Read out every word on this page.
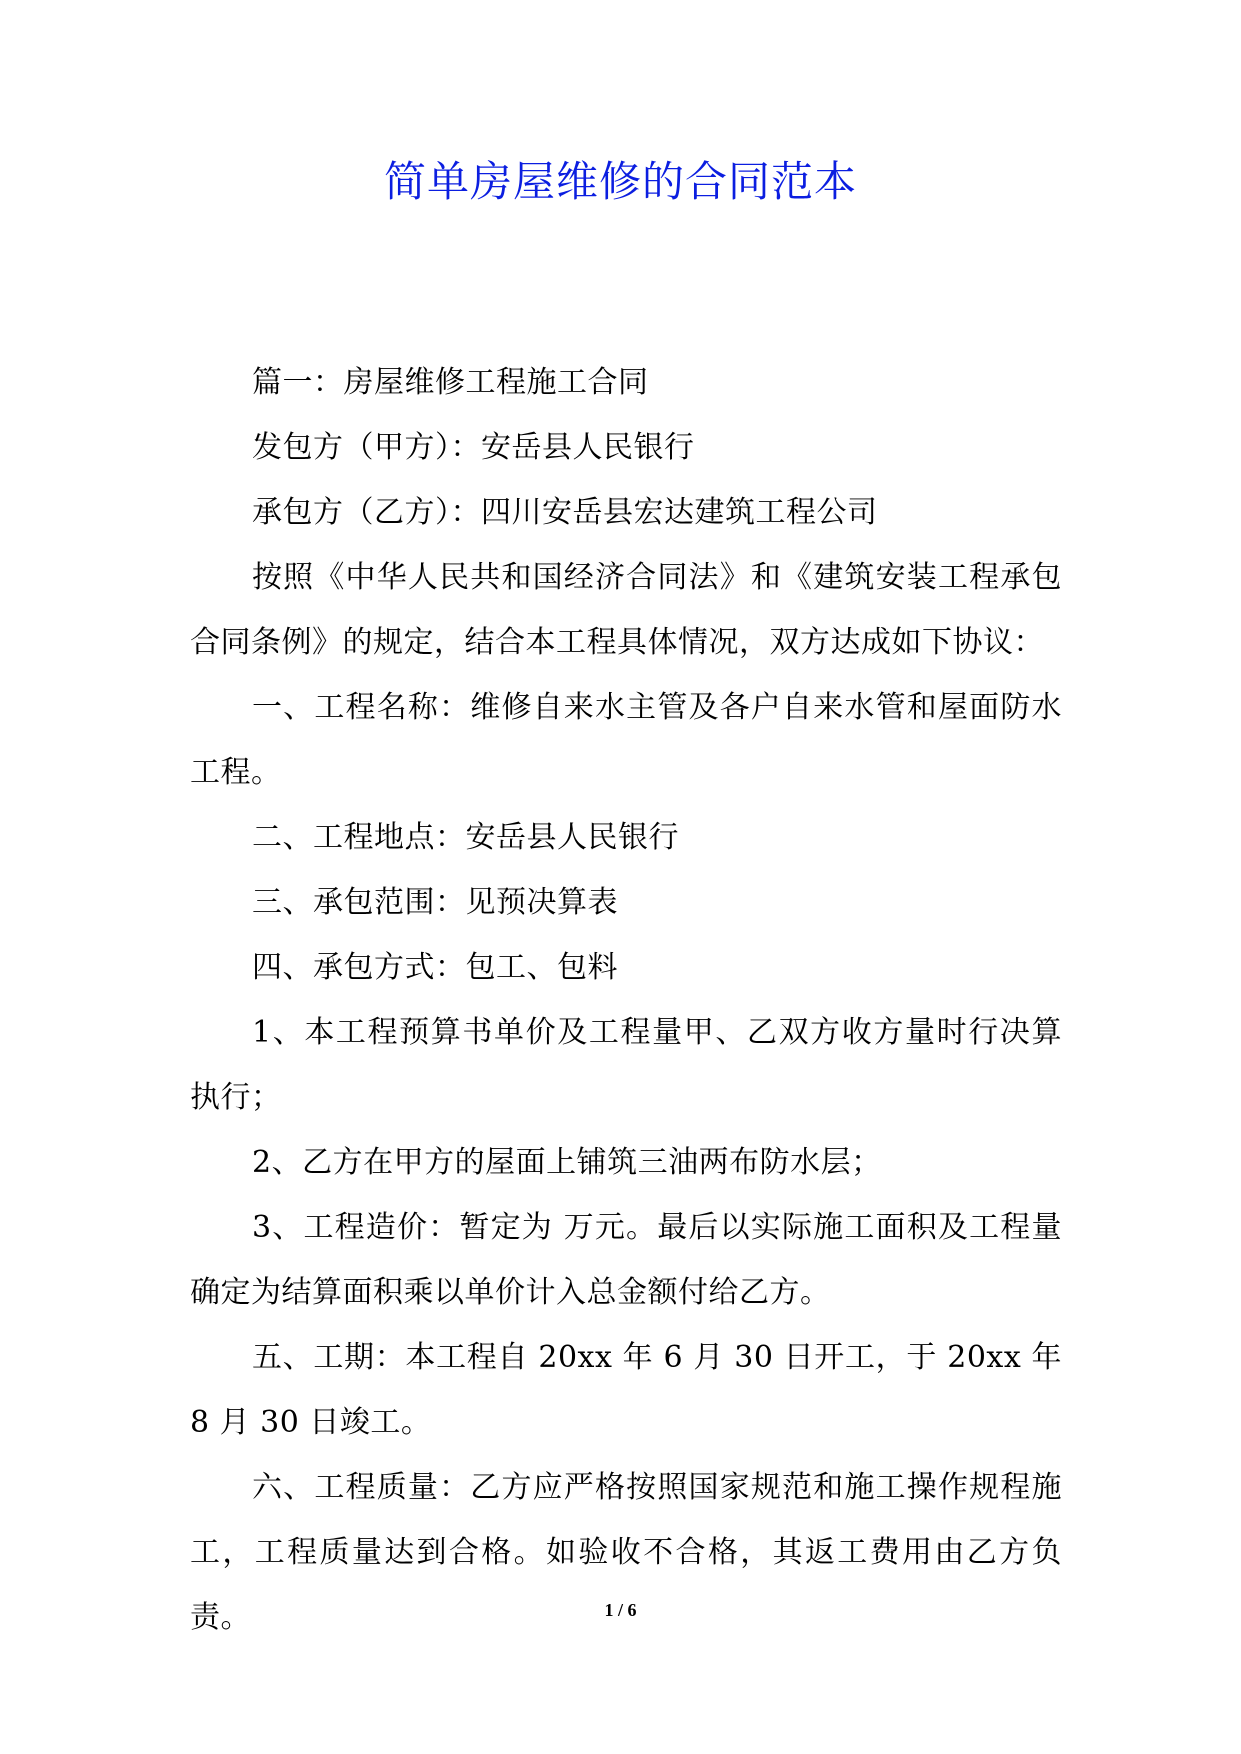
简单房屋维修的合同范本

篇一：房屋维修工程施工合同

发包方（甲方）：安岳县人民银行

承包方（乙方）：四川安岳县宏达建筑工程公司

按照《中华人民共和国经济合同法》和《建筑安装工程承包合同条例》的规定，结合本工程具体情况，双方达成如下协议：

一、工程名称：维修自来水主管及各户自来水管和屋面防水工程。

二、工程地点：安岳县人民银行

三、承包范围：见预决算表

四、承包方式：包工、包料

1、本工程预算书单价及工程量甲、乙双方收方量时行决算执行；

2、乙方在甲方的屋面上铺筑三油两布防水层；

3、工程造价：暂定为 万元。最后以实际施工面积及工程量确定为结算面积乘以单价计入总金额付给乙方。

五、工期：本工程自 20xx 年 6 月 30 日开工，于 20xx 年 8 月 30 日竣工。

六、工程质量：乙方应严格按照国家规范和施工操作规程施工，工程质量达到合格。如验收不合格，其返工费用由乙方负责。	1 / 6
